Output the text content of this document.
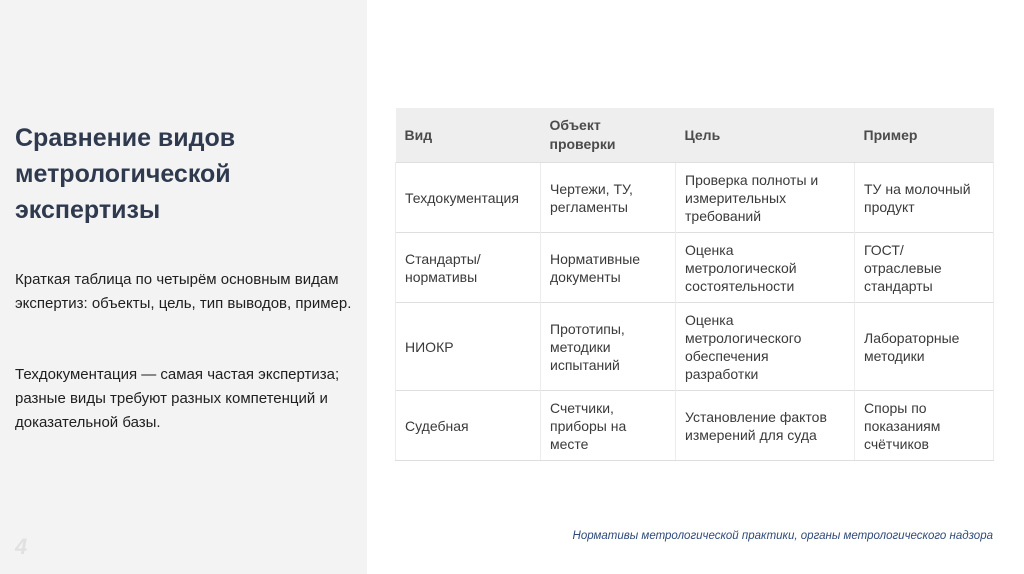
Сравнение видов метрологической экспертизы

Краткая таблица по четырём основным видам экспертиз: объекты, цель, тип выводов, пример.

Техдокументация — самая частая экспертиза; разные виды требуют разных компетенций и доказательной базы.

4
Вид	Объект проверки	Цель	Пример
Техдокументация	Чертежи, ТУ, регламенты	Проверка полноты и измерительных требований	ТУ на молочный продукт
Стандарты/ нормативы	Нормативные документы	Оценка метрологической состоятельности	ГОСТ/ отраслевые стандарты
НИОКР	Прототипы, методики испытаний	Оценка метрологического обеспечения разработки	Лабораторные методики
Судебная	Счетчики, приборы на месте	Установление фактов измерений для суда	Споры по показаниям счётчиков
Нормативы метрологической практики, органы метрологического надзора
